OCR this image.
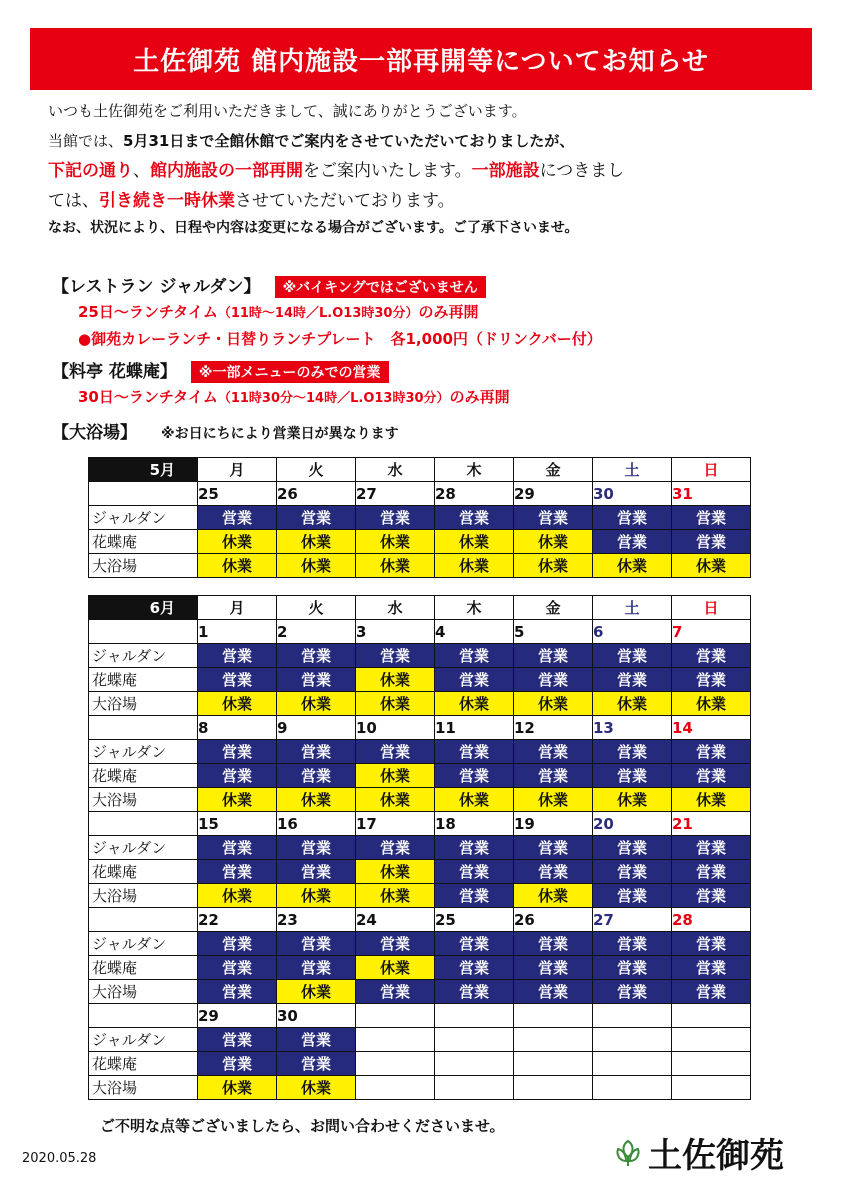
土佐御苑 館内施設一部再開等についてお知らせ
いつも土佐御苑をご利用いただきまして、誠にありがとうございます。
当館では、5月31日まで全館休館でご案内をさせていただいておりましたが、
下記の通り、館内施設の一部再開をご案内いたします。一部施設につきまし
ては、引き続き一時休業させていただいております。
なお、状況により、日程や内容は変更になる場合がございます。ご了承下さいませ。
【レストラン ジャルダン】 ※バイキングではございません
25日～ランチタイム（11時～14時／L.O13時30分）のみ再開
●御苑カレーランチ・日替りランチプレート　各1,000円（ドリンクバー付）
【料亭 花蝶庵】 ※一部メニューのみでの営業
30日～ランチタイム（11時30分～14時／L.O13時30分）のみ再開
【大浴場】 ※お日にちにより営業日が異なります
5月	月	火	水	木	金	土	日
	25	26	27	28	29	30	31
ジャルダン	営業	営業	営業	営業	営業	営業	営業
花蝶庵	休業	休業	休業	休業	休業	営業	営業
大浴場	休業	休業	休業	休業	休業	休業	休業
6月	月	火	水	木	金	土	日
	1	2	3	4	5	6	7
ジャルダン	営業	営業	営業	営業	営業	営業	営業
花蝶庵	営業	営業	休業	営業	営業	営業	営業
大浴場	休業	休業	休業	休業	休業	休業	休業
	8	9	10	11	12	13	14
ジャルダン	営業	営業	営業	営業	営業	営業	営業
花蝶庵	営業	営業	休業	営業	営業	営業	営業
大浴場	休業	休業	休業	休業	休業	休業	休業
	15	16	17	18	19	20	21
ジャルダン	営業	営業	営業	営業	営業	営業	営業
花蝶庵	営業	営業	休業	営業	営業	営業	営業
大浴場	休業	休業	休業	営業	休業	営業	営業
	22	23	24	25	26	27	28
ジャルダン	営業	営業	営業	営業	営業	営業	営業
花蝶庵	営業	営業	休業	営業	営業	営業	営業
大浴場	営業	休業	営業	営業	営業	営業	営業
	29	30					
ジャルダン	営業	営業					
花蝶庵	営業	営業					
大浴場	休業	休業					
ご不明な点等ございましたら、お問い合わせくださいませ。
2020.05.28	土佐御苑
